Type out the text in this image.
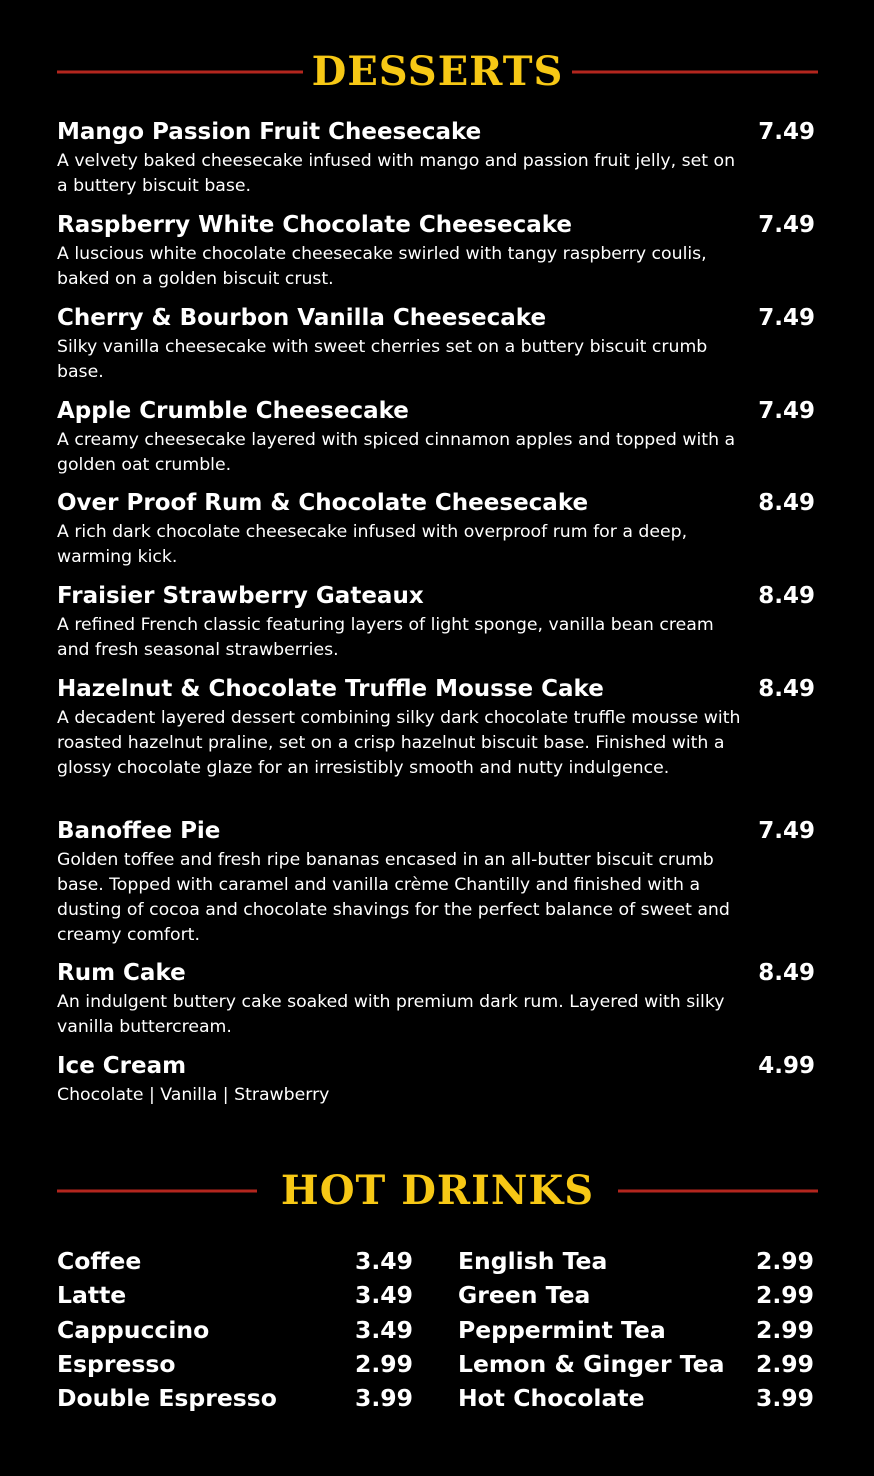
DESSERTS
Mango Passion Fruit Cheesecake	7.49
A velvety baked cheesecake infused with mango and passion fruit jelly, set on a buttery biscuit base.
Raspberry White Chocolate Cheesecake	7.49
A luscious white chocolate cheesecake swirled with tangy raspberry coulis, baked on a golden biscuit crust.
Cherry & Bourbon Vanilla Cheesecake	7.49
Silky vanilla cheesecake with sweet cherries set on a buttery biscuit crumb base.
Apple Crumble Cheesecake	7.49
A creamy cheesecake layered with spiced cinnamon apples and topped with a golden oat crumble.
Over Proof Rum & Chocolate Cheesecake	8.49
A rich dark chocolate cheesecake infused with overproof rum for a deep, warming kick.
Fraisier Strawberry Gateaux	8.49
A refined French classic featuring layers of light sponge, vanilla bean cream and fresh seasonal strawberries.
Hazelnut & Chocolate Truffle Mousse Cake	8.49
A decadent layered dessert combining silky dark chocolate truffle mousse with roasted hazelnut praline, set on a crisp hazelnut biscuit base. Finished with a glossy chocolate glaze for an irresistibly smooth and nutty indulgence.
Banoffee Pie	7.49
Golden toffee and fresh ripe bananas encased in an all-butter biscuit crumb base. Topped with caramel and vanilla crème Chantilly and finished with a dusting of cocoa and chocolate shavings for the perfect balance of sweet and creamy comfort.
Rum Cake	8.49
An indulgent buttery cake soaked with premium dark rum. Layered with silky vanilla buttercream.
Ice Cream	4.99
Chocolate | Vanilla | Strawberry
HOT DRINKS
Coffee	3.49
Latte	3.49
Cappuccino	3.49
Espresso	2.99
Double Espresso	3.99
English Tea	2.99
Green Tea	2.99
Peppermint Tea	2.99
Lemon & Ginger Tea 2.99
Hot Chocolate	3.99
